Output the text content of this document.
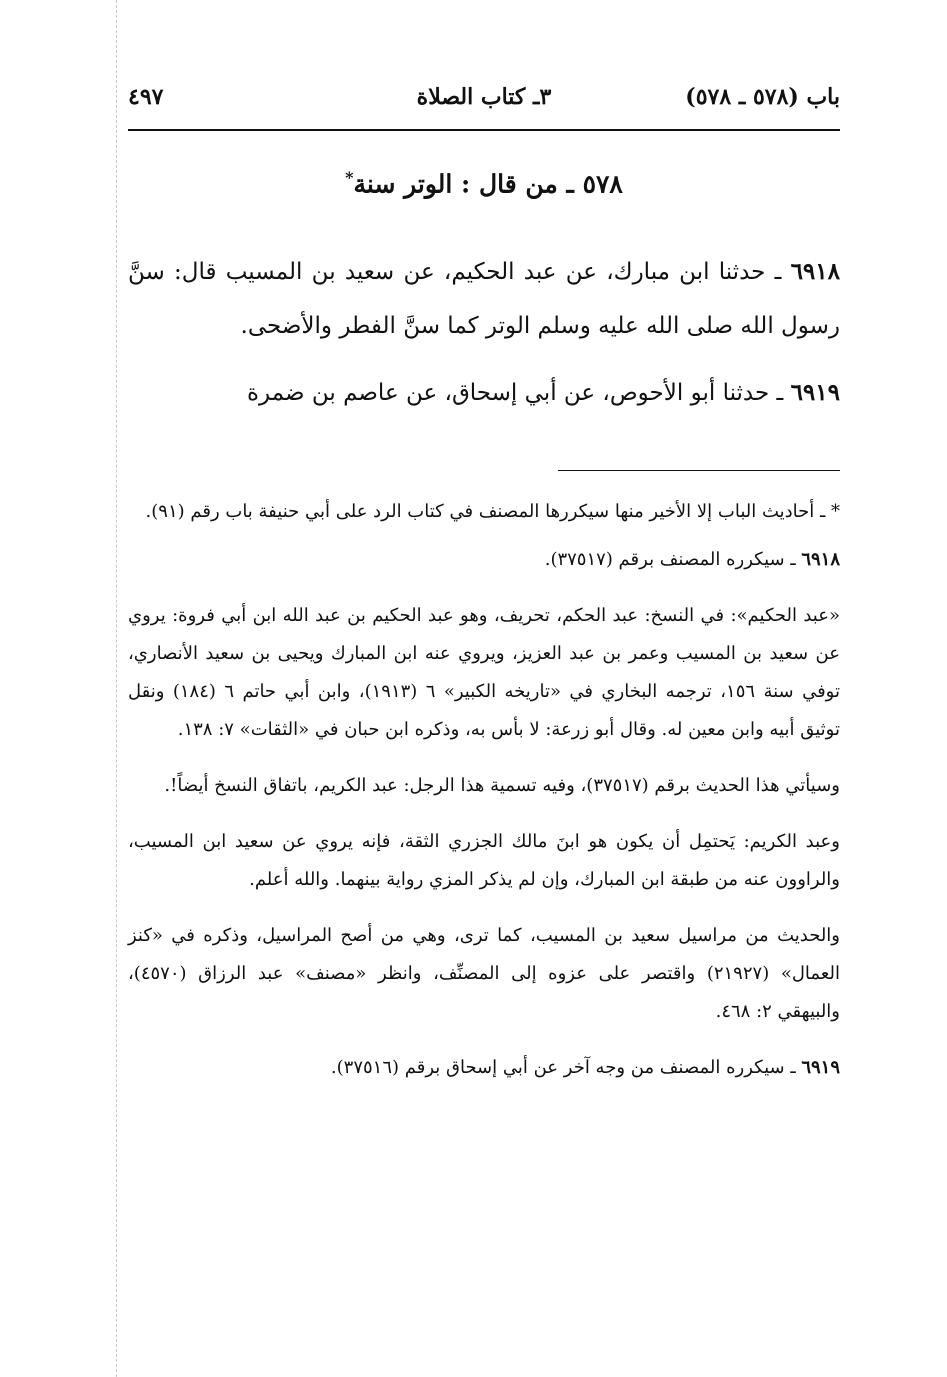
باب (٥٧٨ ـ ٥٧٨)
٣ـ كتاب الصلاة
٤٩٧
٥٧٨ ـ من قال : الوتر سنة*
٦٩١٨ ـ حدثنا ابن مبارك، عن عبد الحكيم، عن سعيد بن المسيب قال: سنَّ رسول الله صلى الله عليه وسلم الوتر كما سنَّ الفطر والأضحى.
٦٩١٩ ـ حدثنا أبو الأحوص، عن أبي إسحاق، عن عاصم بن ضمرة

* ـ أحاديث الباب إلا الأخير منها سيكررها المصنف في كتاب الرد على أبي حنيفة باب رقم (٩١).

٦٩١٨ ـ سيكرره المصنف برقم (٣٧٥١٧).

«عبد الحكيم»: في النسخ: عبد الحكم، تحريف، وهو عبد الحكيم بن عبد الله ابن أبي فروة: يروي عن سعيد بن المسيب وعمر بن عبد العزيز، ويروي عنه ابن المبارك ويحيى بن سعيد الأنصاري، توفي سنة ١٥٦، ترجمه البخاري في «تاريخه الكبير» ٦ (١٩١٣)، وابن أبي حاتم ٦ (١٨٤) ونقل توثيق أبيه وابن معين له. وقال أبو زرعة: لا بأس به، وذكره ابن حبان في «الثقات» ٧: ١٣٨.

وسيأتي هذا الحديث برقم (٣٧٥١٧)، وفيه تسمية هذا الرجل: عبد الكريم، باتفاق النسخ أيضاً!.

وعبد الكريم: يَحتمِل أن يكون هو ابنَ مالك الجزري الثقة، فإنه يروي عن سعيد ابن المسيب، والراوون عنه من طبقة ابن المبارك، وإن لم يذكر المزي رواية بينهما. والله أعلم.

والحديث من مراسيل سعيد بن المسيب، كما ترى، وهي من أصح المراسيل، وذكره في «كنز العمال» (٢١٩٢٧) واقتصر على عزوه إلى المصنِّف، وانظر «مصنف» عبد الرزاق (٤٥٧٠)، والبيهقي ٢: ٤٦٨.

٦٩١٩ ـ سيكرره المصنف من وجه آخر عن أبي إسحاق برقم (٣٧٥١٦).
